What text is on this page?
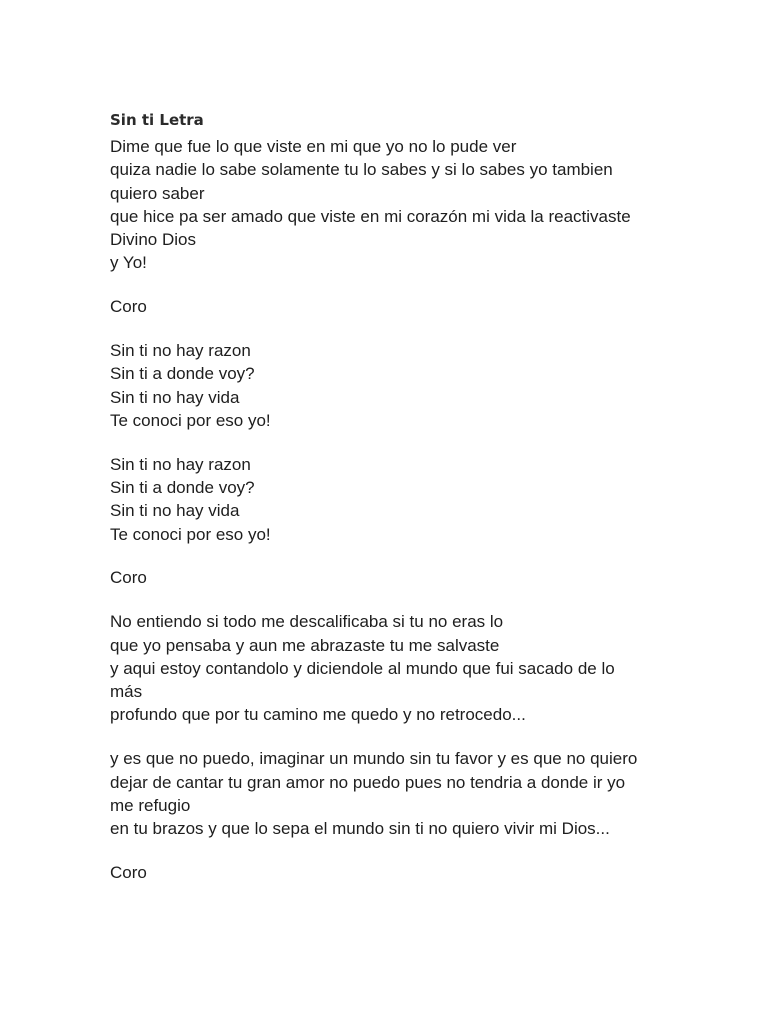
Sin ti Letra
Dime que fue lo que viste en mi que yo no lo pude ver
quiza nadie lo sabe solamente tu lo sabes y si lo sabes yo tambien
quiero saber
que hice pa ser amado que viste en mi corazón mi vida la reactivaste
Divino Dios
y Yo!
Coro
Sin ti no hay razon
Sin ti a donde voy?
Sin ti no hay vida
Te conoci por eso yo!
Sin ti no hay razon
Sin ti a donde voy?
Sin ti no hay vida
Te conoci por eso yo!
Coro
No entiendo si todo me descalificaba si tu no eras lo
que yo pensaba y aun me abrazaste tu me salvaste
y aqui estoy contandolo y diciendole al mundo que fui sacado de lo
más
profundo que por tu camino me quedo y no retrocedo...
y es que no puedo, imaginar un mundo sin tu favor y es que no quiero
dejar de cantar tu gran amor no puedo pues no tendria a donde ir yo
me refugio
en tu brazos y que lo sepa el mundo sin ti no quiero vivir mi Dios...
Coro
